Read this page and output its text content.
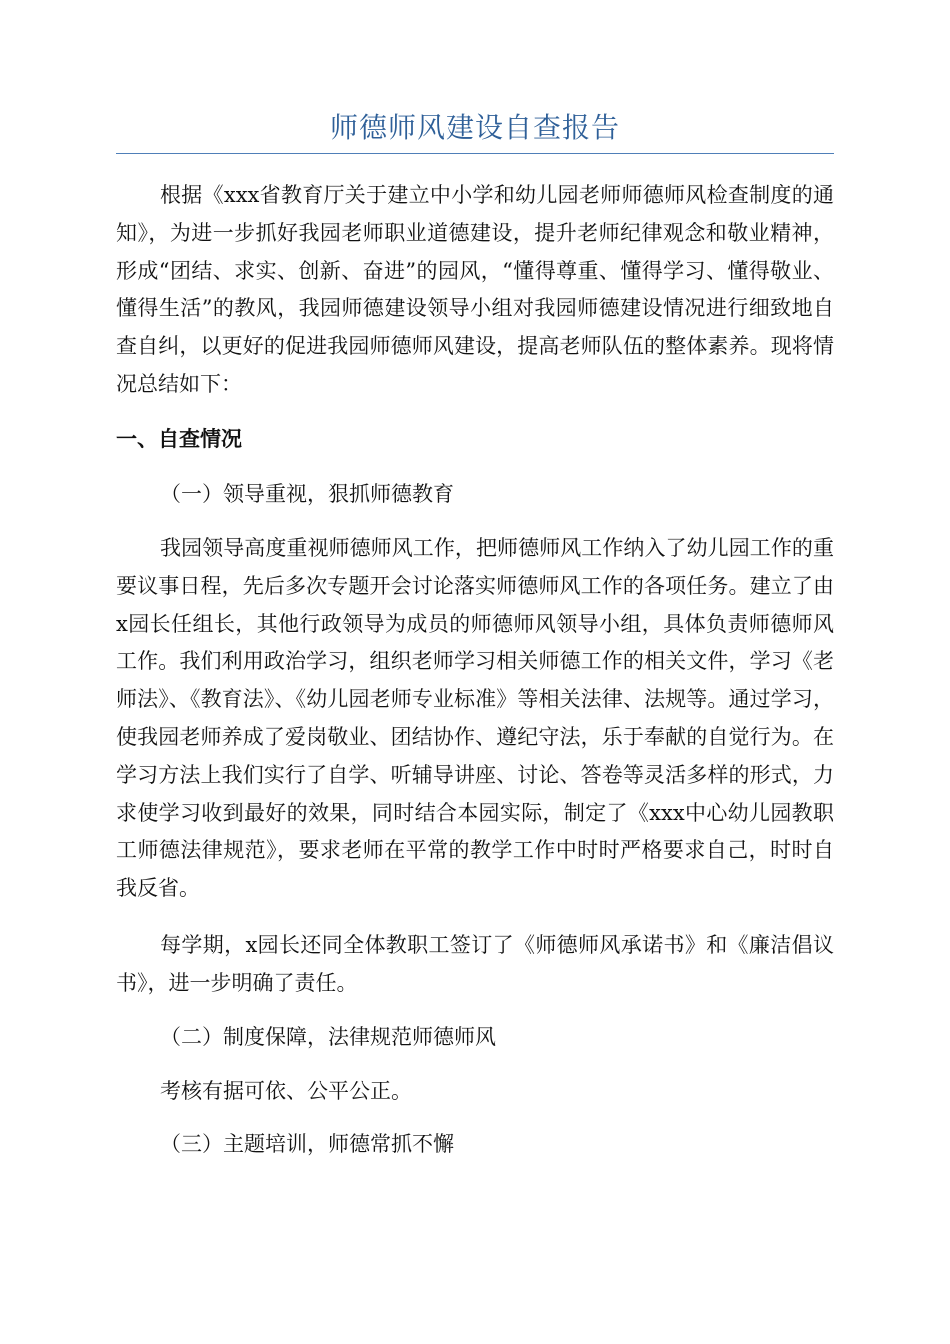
师德师风建设自查报告

根据《xxx省教育厅关于建立中小学和幼儿园老师师德师风检查制度的通知》，为进一步抓好我园老师职业道德建设，提升老师纪律观念和敬业精神，形成“团结、求实、创新、奋进”的园风，“懂得尊重、懂得学习、懂得敬业、懂得生活”的教风，我园师德建设领导小组对我园师德建设情况进行细致地自查自纠，以更好的促进我园师德师风建设，提高老师队伍的整体素养。现将情况总结如下：

一、自查情况

（一）领导重视，狠抓师德教育

我园领导高度重视师德师风工作，把师德师风工作纳入了幼儿园工作的重要议事日程，先后多次专题开会讨论落实师德师风工作的各项任务。建立了由x园长任组长，其他行政领导为成员的师德师风领导小组，具体负责师德师风工作。我们利用政治学习，组织老师学习相关师德工作的相关文件，学习《老师法》、《教育法》、《幼儿园老师专业标准》等相关法律、法规等。通过学习，使我园老师养成了爱岗敬业、团结协作、遵纪守法，乐于奉献的自觉行为。在学习方法上我们实行了自学、听辅导讲座、讨论、答卷等灵活多样的形式，力求使学习收到最好的效果，同时结合本园实际，制定了《xxx中心幼儿园教职工师德法律规范》，要求老师在平常的教学工作中时时严格要求自己，时时自我反省。

每学期，x园长还同全体教职工签订了《师德师风承诺书》和《廉洁倡议书》，进一步明确了责任。

（二）制度保障，法律规范师德师风

考核有据可依、公平公正。

（三）主题培训，师德常抓不懈
